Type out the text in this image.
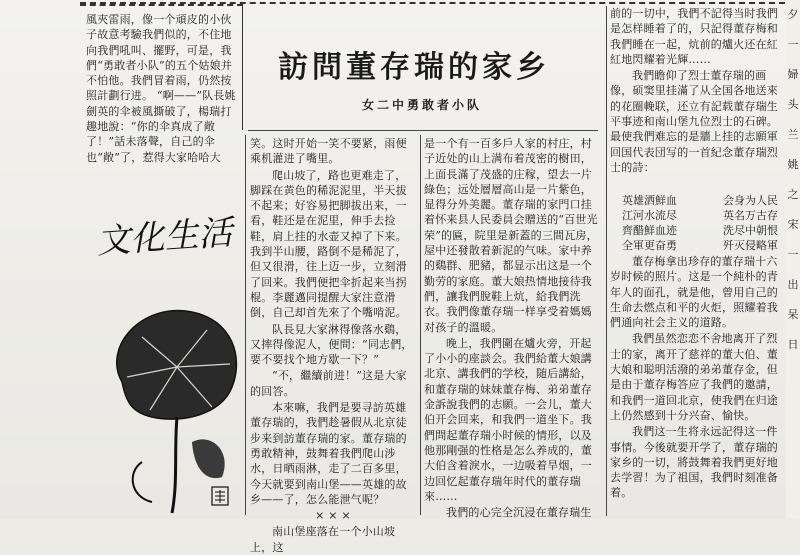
風夾雷雨，像一个頑皮的小伙子故意考驗我們似的，不住地向我們吼叫、擺野，可是，我們“勇敢者小队”的五个姑娘并不怕他。我們冒着雨，仍然按照計劃行进。 “啊——”队長姚劍英的伞被風撕破了，楊瑞打趣地說：“你的伞真成了敞了！”話未落聲，自己的伞也“敞”了，惹得大家哈哈大

訪問董存瑞的家乡
女二中勇敢者小队
文化生活

笑。这时开始一笑不要紧，雨便乘机灌进了嘴里。

爬山坡了，路也更难走了，脚踩在黄色的稀泥泥里，半天拔不起来；好容易把脚拔出来，一看，鞋还是在泥里，伸手去捡鞋，肩上挂的水壶又掉了下来。我到半山腰，路倒不是稀泥了，但又很滑，往上迈一步，立刻滑了回来。我們便把伞折起来当拐棍。李麗邁同提醒大家注意滑倒，自己却首先來了个嘴啃泥。

队長見大家淋得像落水鷄，又摔得像泥人，便問：“同志們，要不要找个地方歇一下？”

“不，繼續前进！”这是大家的回答。

本來嘛，我們是要寻訪英雄董存瑞的，我們趁暑假从北京徒步来到訪董存瑞的家。董存瑞的勇敢精神，鼓舞着我們爬山涉水，日晒雨淋，走了二百多里，今天就要到南山堡——英雄的故乡——了，怎么能泄气呢？

× × ×

南山堡座落在一个小山坡上，这

是一个有一百多戶人家的村庄，村子近处的山上满布着茂密的樹田，上面長滿了茂盛的庄稼，望去一片綠色；远处層層高山是一片紫色，显得分外美麗。董存瑞的家門口挂着怀来县人民委員会贈送的“百世光荣”的匾，院里是新蓋的三間瓦房，屋中还發散着新泥的气味。家中养的鷄群、肥豬，都显示出这是一个勤劳的家庭。董大娘热情地接待我們，讓我們脫鞋上炕，給我們洗衣。我們像董存瑞一样享受着媽媽对孩子的溫暖。

晚上，我們圍在爐火旁，开起了小小的座談会。我們給董大娘講北京、講我們的学校，随后講給，和董存瑞的妹妹董存梅、弟弟董存金訴說我們的志願。一会儿，董大伯开会回来，和我們一道坐下。我們問起董存瑞小时候的情形，以及他那剛强的性格是怎么养成的，董大伯含着淚水，一边吸着旱烟，一边回忆起董存瑞年时代的董存瑞來……

我們的心完全沉浸在董存瑞生

前的一切中，我們不記得当时我們是怎样睡着了的，只記得董存梅和我們睡在一起，炕前的爐火还在紅紅地閃耀着光輝……

我們瞻仰了烈士董存瑞的画像，硕窦里挂滿了从全国各地送來的花圈輓联，还立有記载董存瑞生平事迹和南山堡九位烈士的石碑。最使我們难忘的是牆上挂的志願軍回国代表団写的一首紀念董存瑞烈士的詩：

英雄洒鮮血	会身为人民
江河水流尽	英名万古存
齊醋鮮血迹	洗尽中朝恨
全軍更奋勇	歼灭侵略軍

董存梅拿出珍存的董存瑞十六岁时候的照片。这是一个純朴的青年人的面孔，就是他，曾用自己的生命去燃点和平的火炬，照耀着我們通向社会主义的道路。

我們虽然恋恋不舍地离开了烈士的家，离开了慈祥的董大伯、董大娘和聪明活潑的弟弟董存金，但是由于董存梅答应了我們的邀請，和我們一道回北京，使我們在归途上仍然感到十分兴奋、愉快。

我們这一生将永远記得这一件事情。今後就要开学了，董存瑞的家乡的一切，將鼓舞着我們更好地去学習！为了祖国，我們时刻准备着。

夕
一
婦
头
兰
姚
之
宋
一
出
呆
日
